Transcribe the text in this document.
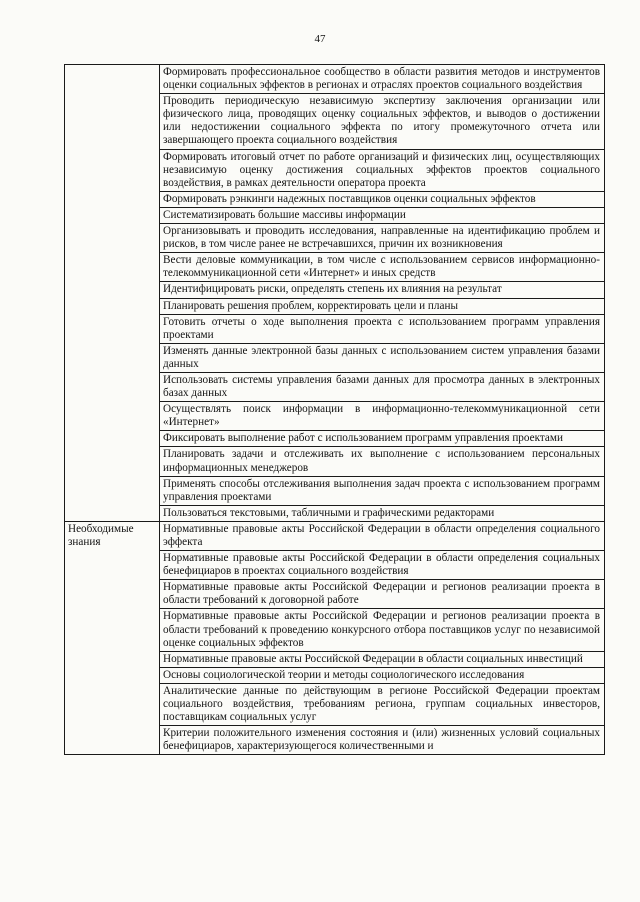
47
	Формировать профессиональное сообщество в области развития методов и инструментов оценки социальных эффектов в регионах и отраслях проектов социального воздействия
	Проводить периодическую независимую экспертизу заключения организации или физического лица, проводящих оценку социальных эффектов, и выводов о достижении или недостижении социального эффекта по итогу промежуточного отчета или завершающего проекта социального воздействия
	Формировать итоговый отчет по работе организаций и физических лиц, осуществляющих независимую оценку достижения социальных эффектов проектов социального воздействия, в рамках деятельности оператора проекта
	Формировать рэнкинги надежных поставщиков оценки социальных эффектов
	Систематизировать большие массивы информации
	Организовывать и проводить исследования, направленные на идентификацию проблем и рисков, в том числе ранее не встречавшихся, причин их возникновения
	Вести деловые коммуникации, в том числе с использованием сервисов информационно-телекоммуникационной сети «Интернет» и иных средств
	Идентифицировать риски, определять степень их влияния на результат
	Планировать решения проблем, корректировать цели и планы
	Готовить отчеты о ходе выполнения проекта с использованием программ управления проектами
	Изменять данные электронной базы данных с использованием систем управления базами данных
	Использовать системы управления базами данных для просмотра данных в электронных базах данных
	Осуществлять поиск информации в информационно-телекоммуникационной сети «Интернет»
	Фиксировать выполнение работ с использованием программ управления проектами
	Планировать задачи и отслеживать их выполнение с использованием персональных информационных менеджеров
	Применять способы отслеживания выполнения задач проекта с использованием программ управления проектами
	Пользоваться текстовыми, табличными и графическими редакторами
Необходимые знания	Нормативные правовые акты Российской Федерации в области определения социального эффекта
	Нормативные правовые акты Российской Федерации в области определения социальных бенефициаров в проектах социального воздействия
	Нормативные правовые акты Российской Федерации и регионов реализации проекта в области требований к договорной работе
	Нормативные правовые акты Российской Федерации и регионов реализации проекта в области требований к проведению конкурсного отбора поставщиков услуг по независимой оценке социальных эффектов
	Нормативные правовые акты Российской Федерации в области социальных инвестиций
	Основы социологической теории и методы социологического исследования
	Аналитические данные по действующим в регионе Российской Федерации проектам социального воздействия, требованиям региона, группам социальных инвесторов, поставщикам социальных услуг
	Критерии положительного изменения состояния и (или) жизненных условий социальных бенефициаров, характеризующегося количественными и
